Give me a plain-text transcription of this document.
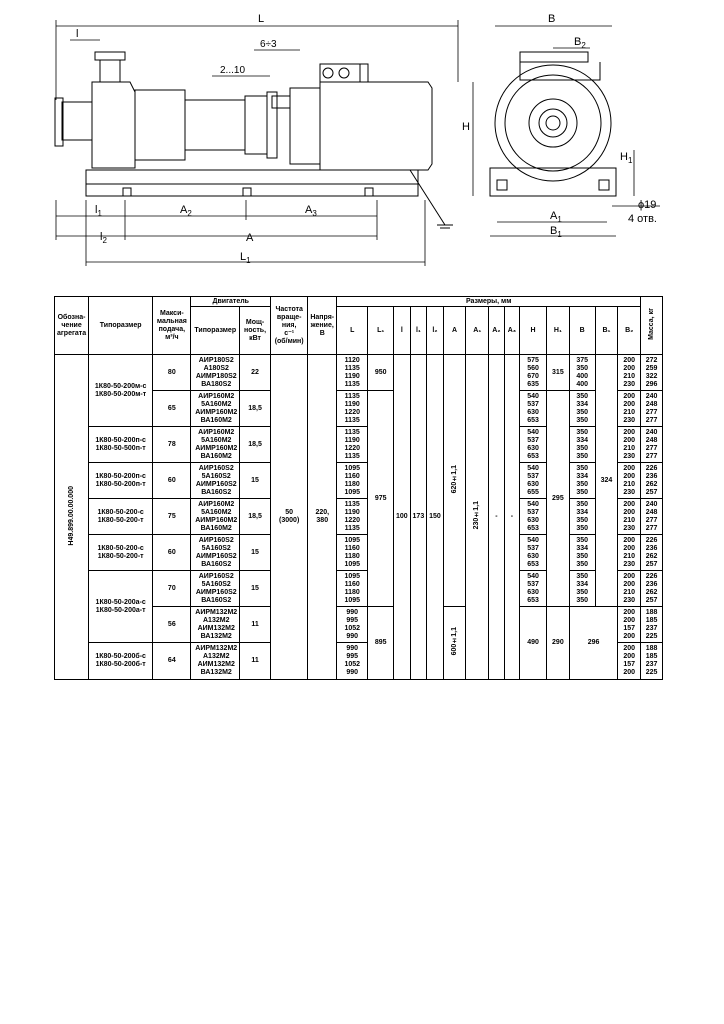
L
l
6÷3
2...10
H
$l_1$	$A_2$	$A_3$
$l_2$	A
$L_1$
B
$B_2$
$H_1$
ϕ19
4 отв.
$A_1$
$B_1$
Обозна-
чение
агрегата	Типоразмер	Макси-
мальная
подача,
м³/ч	Двигатель		Частота
враще-
ния,
с⁻¹
(об/мин)	Напря-
жение,
В	Размеры, мм														Масса, кг
			Типоразмер	Мощ-
ность,
кВт			L	L₁	l	l₁	l₂	A	A₁	A₂	A₃	H	H₁	B	B₁	B₂	
Н49.899.00.00.000	1К80-50-200м-с
1К80-50-200м-т	80	АИР180S2
А180S2
АИМР180S2
ВА180S2	22	50
(3000)	220,
380	1120
1135
1190
1135	950	100	173	150	620±1,1	230±1,1	-	-	575
560
670
635	315	375
350
400
400	324	200
200
210
230	272
259
322
296
		65	АИР160М2
5А160М2
АИМР160М2
ВА160М2	18,5			1135
1190
1220
1135	975								540
537
630
653	295	350
334
350
350		200
200
210
230	240
248
277
277
	1К80-50-200п-с
1К80-50-500п-т	78	АИР160М2
5А160М2
АИМР160М2
ВА160М2	18,5			1135
1190
1220
1135									540
537
630
653		350
334
350
350		200
200
210
230	240
248
277
277
	1К80-50-200п-с
1К80-50-200п-т	60	АИР160S2
5А160S2
АИМР160S2
ВА160S2	15			1095
1160
1180
1095									540
537
630
655		350
334
350
350		200
200
210
230	226
236
262
257
	1К80-50-200-с
1К80-50-200-т	75	АИР160М2
5А160М2
АИМР160М2
ВА160М2	18,5			1135
1190
1220
1135									540
537
630
653		350
334
350
350		200
200
210
230	240
248
277
277
	1К80-50-200-с
1К80-50-200-т	60	АИР160S2
5А160S2
АИМР160S2
ВА160S2	15			1095
1160
1180
1095									540
537
630
653		350
334
350
350		200
200
210
230	226
236
262
257
	1К80-50-200а-с
1К80-50-200а-т	70	АИР160S2
5А160S2
АИМР160S2
ВА160S2	15			1095
1160
1180
1095									540
537
630
653		350
334
350
350		200
200
210
230	226
236
262
257
		56	АИРМ132М2
А132М2
АИМ132М2
ВА132М2	11			990
995
1052
990	895				600±1,1				490	290	296		200
200
157
200	188
185
237
225
	1К80-50-200б-с
1К80-50-200б-т	64	АИРМ132М2
А132М2
АИМ132М2
ВА132М2	11			990
995
1052
990													200
200
157
200	188
185
237
225
